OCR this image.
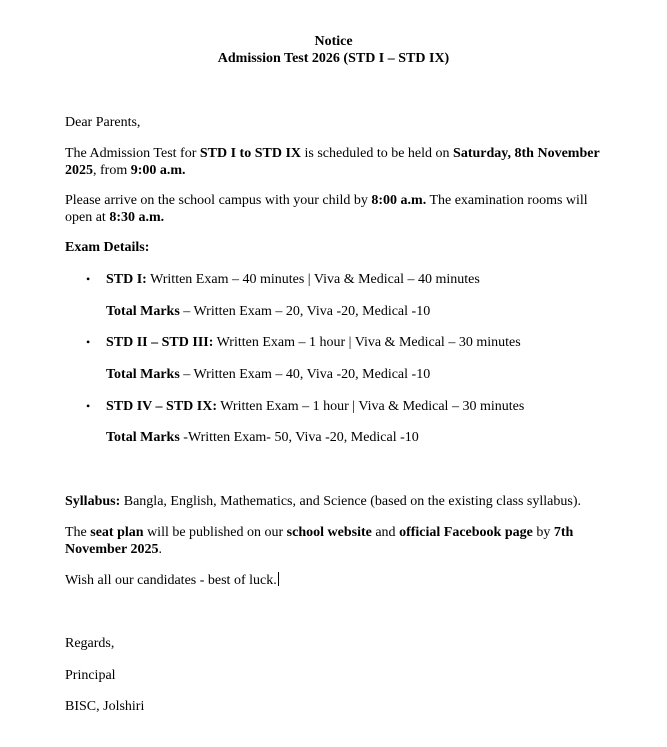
Notice
Admission Test 2026 (STD I – STD IX)
Dear Parents,
The Admission Test for STD I to STD IX is scheduled to be held on Saturday, 8th November 2025, from 9:00 a.m.
Please arrive on the school campus with your child by 8:00 a.m. The examination rooms will open at 8:30 a.m.
Exam Details:
• STD I: Written Exam – 40 minutes | Viva & Medical – 40 minutes
Total Marks – Written Exam – 20, Viva -20, Medical -10
• STD II – STD III: Written Exam – 1 hour | Viva & Medical – 30 minutes
Total Marks – Written Exam – 40, Viva -20, Medical -10
• STD IV – STD IX: Written Exam – 1 hour | Viva & Medical – 30 minutes
Total Marks -Written Exam- 50, Viva -20, Medical -10
Syllabus: Bangla, English, Mathematics, and Science (based on the existing class syllabus).
The seat plan will be published on our school website and official Facebook page by 7th November 2025.
Wish all our candidates - best of luck.
Regards,
Principal
BISC, Jolshiri
